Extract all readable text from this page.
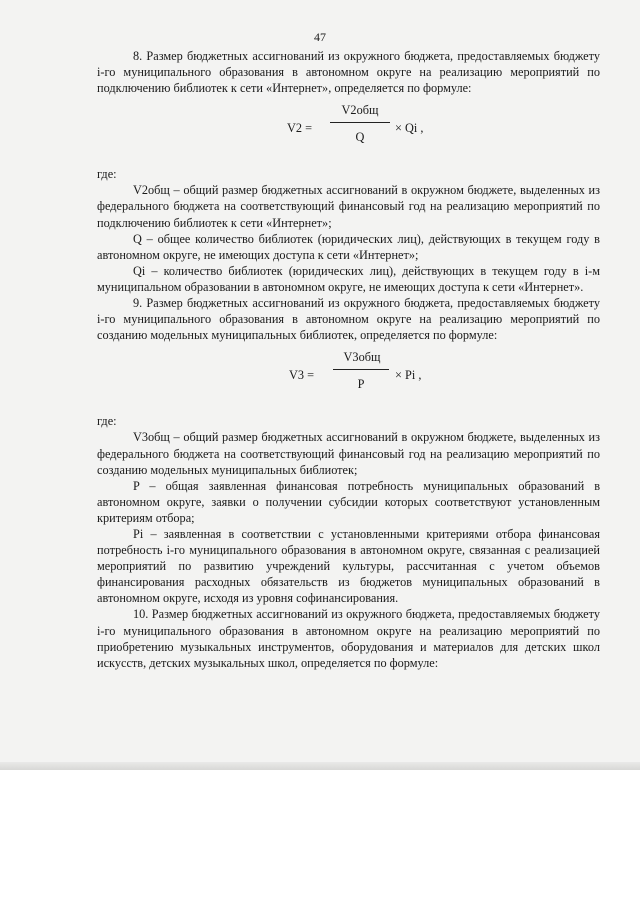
47

8. Размер бюджетных ассигнований из окружного бюджета, предоставляемых бюджету i-го муниципального образования в автономном округе на реализацию мероприятий по подключению библиотек к сети «Интернет», определяется по формуле:

V2 =
V2общ
Q
× Qi ,

где:

V2общ – общий размер бюджетных ассигнований в окружном бюджете, выделенных из федерального бюджета на соответствующий финансовый год на реализацию мероприятий по подключению библиотек к сети «Интернет»;

Q – общее количество библиотек (юридических лиц), действующих в текущем году в автономном округе, не имеющих доступа к сети «Интернет»;

Qi – количество библиотек (юридических лиц), действующих в текущем году в i-м муниципальном образовании в автономном округе, не имеющих доступа к сети «Интернет».

9. Размер бюджетных ассигнований из окружного бюджета, предоставляемых бюджету i-го муниципального образования в автономном округе на реализацию мероприятий по созданию модельных муниципальных библиотек, определяется по формуле:

V3 =
V3общ
P
× Pi ,

где:

V3общ – общий размер бюджетных ассигнований в окружном бюджете, выделенных из федерального бюджета на соответствующий финансовый год на реализацию мероприятий по созданию модельных муниципальных библиотек;

P – общая заявленная финансовая потребность муниципальных образований в автономном округе, заявки о получении субсидии которых соответствуют установленным критериям отбора;

Pi – заявленная в соответствии с установленными критериями отбора финансовая потребность i-го муниципального образования в автономном округе, связанная с реализацией мероприятий по развитию учреждений культуры, рассчитанная с учетом объемов финансирования расходных обязательств из бюджетов муниципальных образований в автономном округе, исходя из уровня софинансирования.

10. Размер бюджетных ассигнований из окружного бюджета, предоставляемых бюджету i-го муниципального образования в автономном округе на реализацию мероприятий по приобретению музыкальных инструментов, оборудования и материалов для детских школ искусств, детских музыкальных школ, определяется по формуле:
